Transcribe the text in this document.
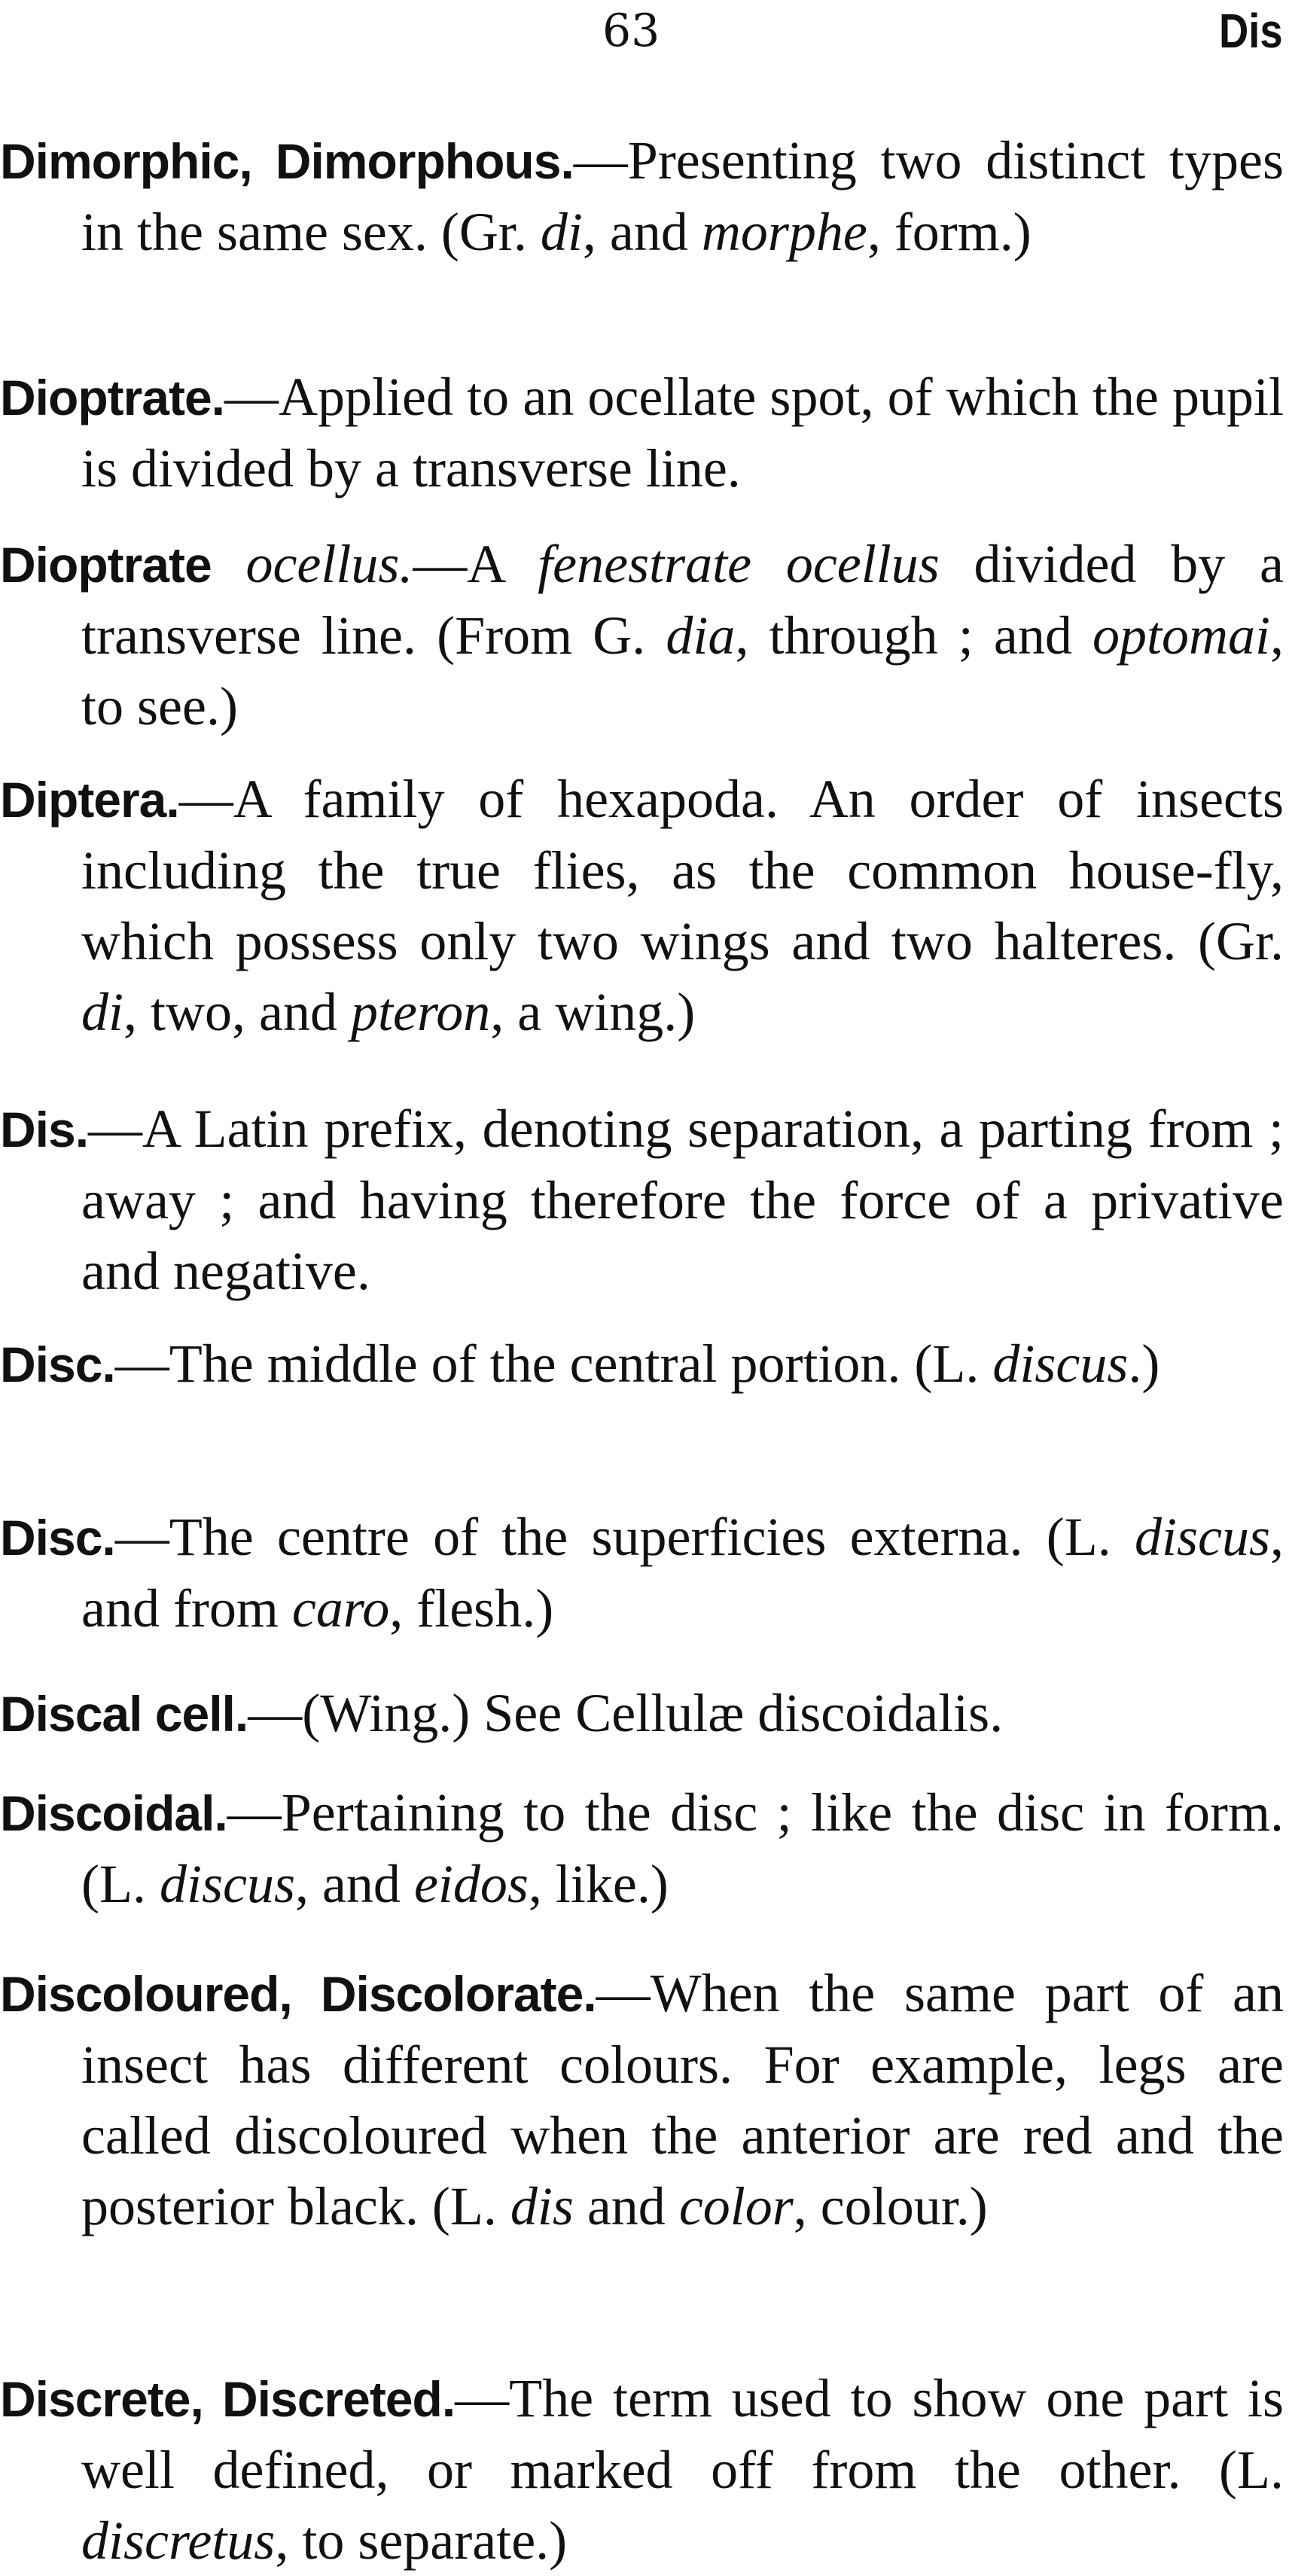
63	Dis
Dimorphic, Dimorphous.—Presenting two distinct types in the same sex. (Gr. di, and morphe, form.)
Dioptrate.—Applied to an ocellate spot, of which the pupil is divided by a transverse line.
Dioptrate ocellus.—A fenestrate ocellus divided by a transverse line. (From G. dia, through ; and optomai, to see.)
Diptera.—A family of hexapoda. An order of insects including the true flies, as the common house-fly, which possess only two wings and two halteres. (Gr. di, two, and pteron, a wing.)
Dis.—A Latin prefix, denoting separation, a parting from ; away ; and having therefore the force of a privative and negative.
Disc.—The middle of the central portion. (L. discus.)
Disc.—The centre of the superficies externa. (L. discus, and from caro, flesh.)
Discal cell.—(Wing.) See Cellulæ discoidalis.
Discoidal.—Pertaining to the disc ; like the disc in form. (L. discus, and eidos, like.)
Discoloured, Discolorate.—When the same part of an insect has different colours. For example, legs are called discoloured when the anterior are red and the posterior black. (L. dis and color, colour.)
Discrete, Discreted.—The term used to show one part is well defined, or marked off from the other. (L. discretus, to separate.)
